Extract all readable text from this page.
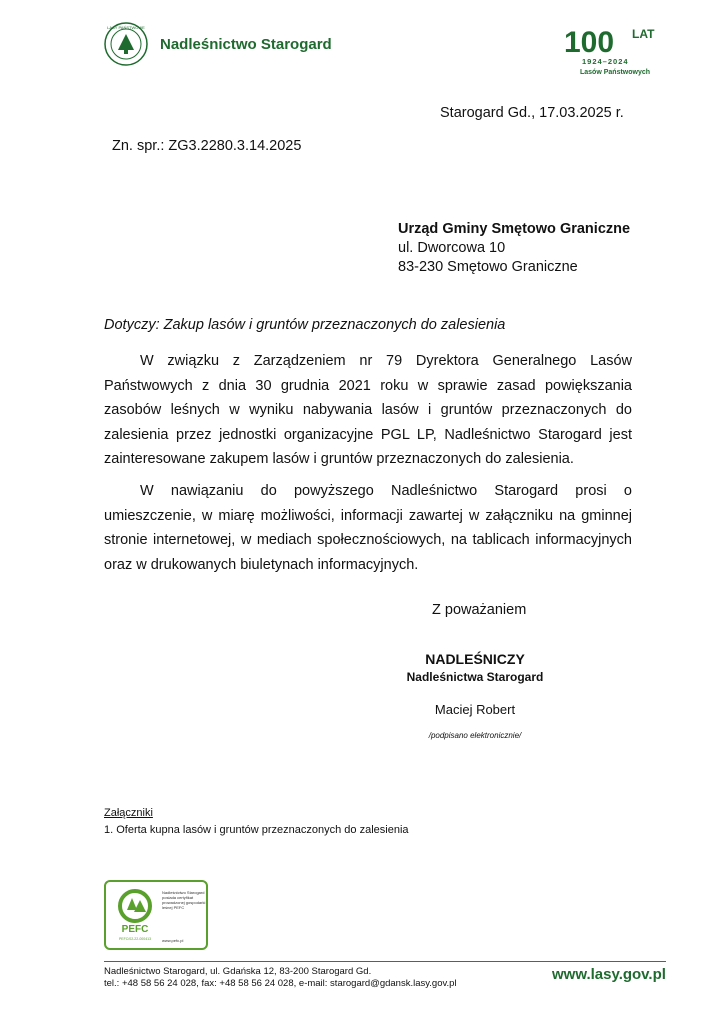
LASY PAŃSTWOWE
Nadleśnictwo Starogard	100 LAT
1924–2024
Lasów Państwowych
Starogard Gd., 17.03.2025 r.
Zn. spr.: ZG3.2280.3.14.2025
Urząd Gminy Smętowo Graniczne
ul. Dworcowa 10
83-230 Smętowo Graniczne
Dotyczy: Zakup lasów i gruntów przeznaczonych do zalesienia
W związku z Zarządzeniem nr 79 Dyrektora Generalnego Lasów Państwowych z dnia 30 grudnia 2021 roku w sprawie zasad powiększania zasobów leśnych w wyniku nabywania lasów i gruntów przeznaczonych do zalesienia przez jednostki organizacyjne PGL LP, Nadleśnictwo Starogard jest zainteresowane zakupem lasów i gruntów przeznaczonych do zalesienia.
W nawiązaniu do powyższego Nadleśnictwo Starogard prosi o umieszczenie, w miarę możliwości, informacji zawartej w załączniku na gminnej stronie internetowej, w mediach społecznościowych, na tablicach informacyjnych oraz w drukowanych biuletynach informacyjnych.
Z poważaniem
NADLEŚNICZY
Nadleśnictwa Starogard
Maciej Robert
/podpisano elektronicznie/
Załączniki
1. Oferta kupna lasów i gruntów przeznaczonych do zalesienia
PEFC
PEFC/02-22-000413
Nadleśnictwo Starogard posiada certyfikat prowadzonej gospodarki leśnej PEFC
www.pefc.pl
Nadleśnictwo Starogard, ul. Gdańska 12, 83-200 Starogard Gd.
tel.: +48 58 56 24 028, fax: +48 58 56 24 028, e-mail: starogard@gdansk.lasy.gov.pl
www.lasy.gov.pl
